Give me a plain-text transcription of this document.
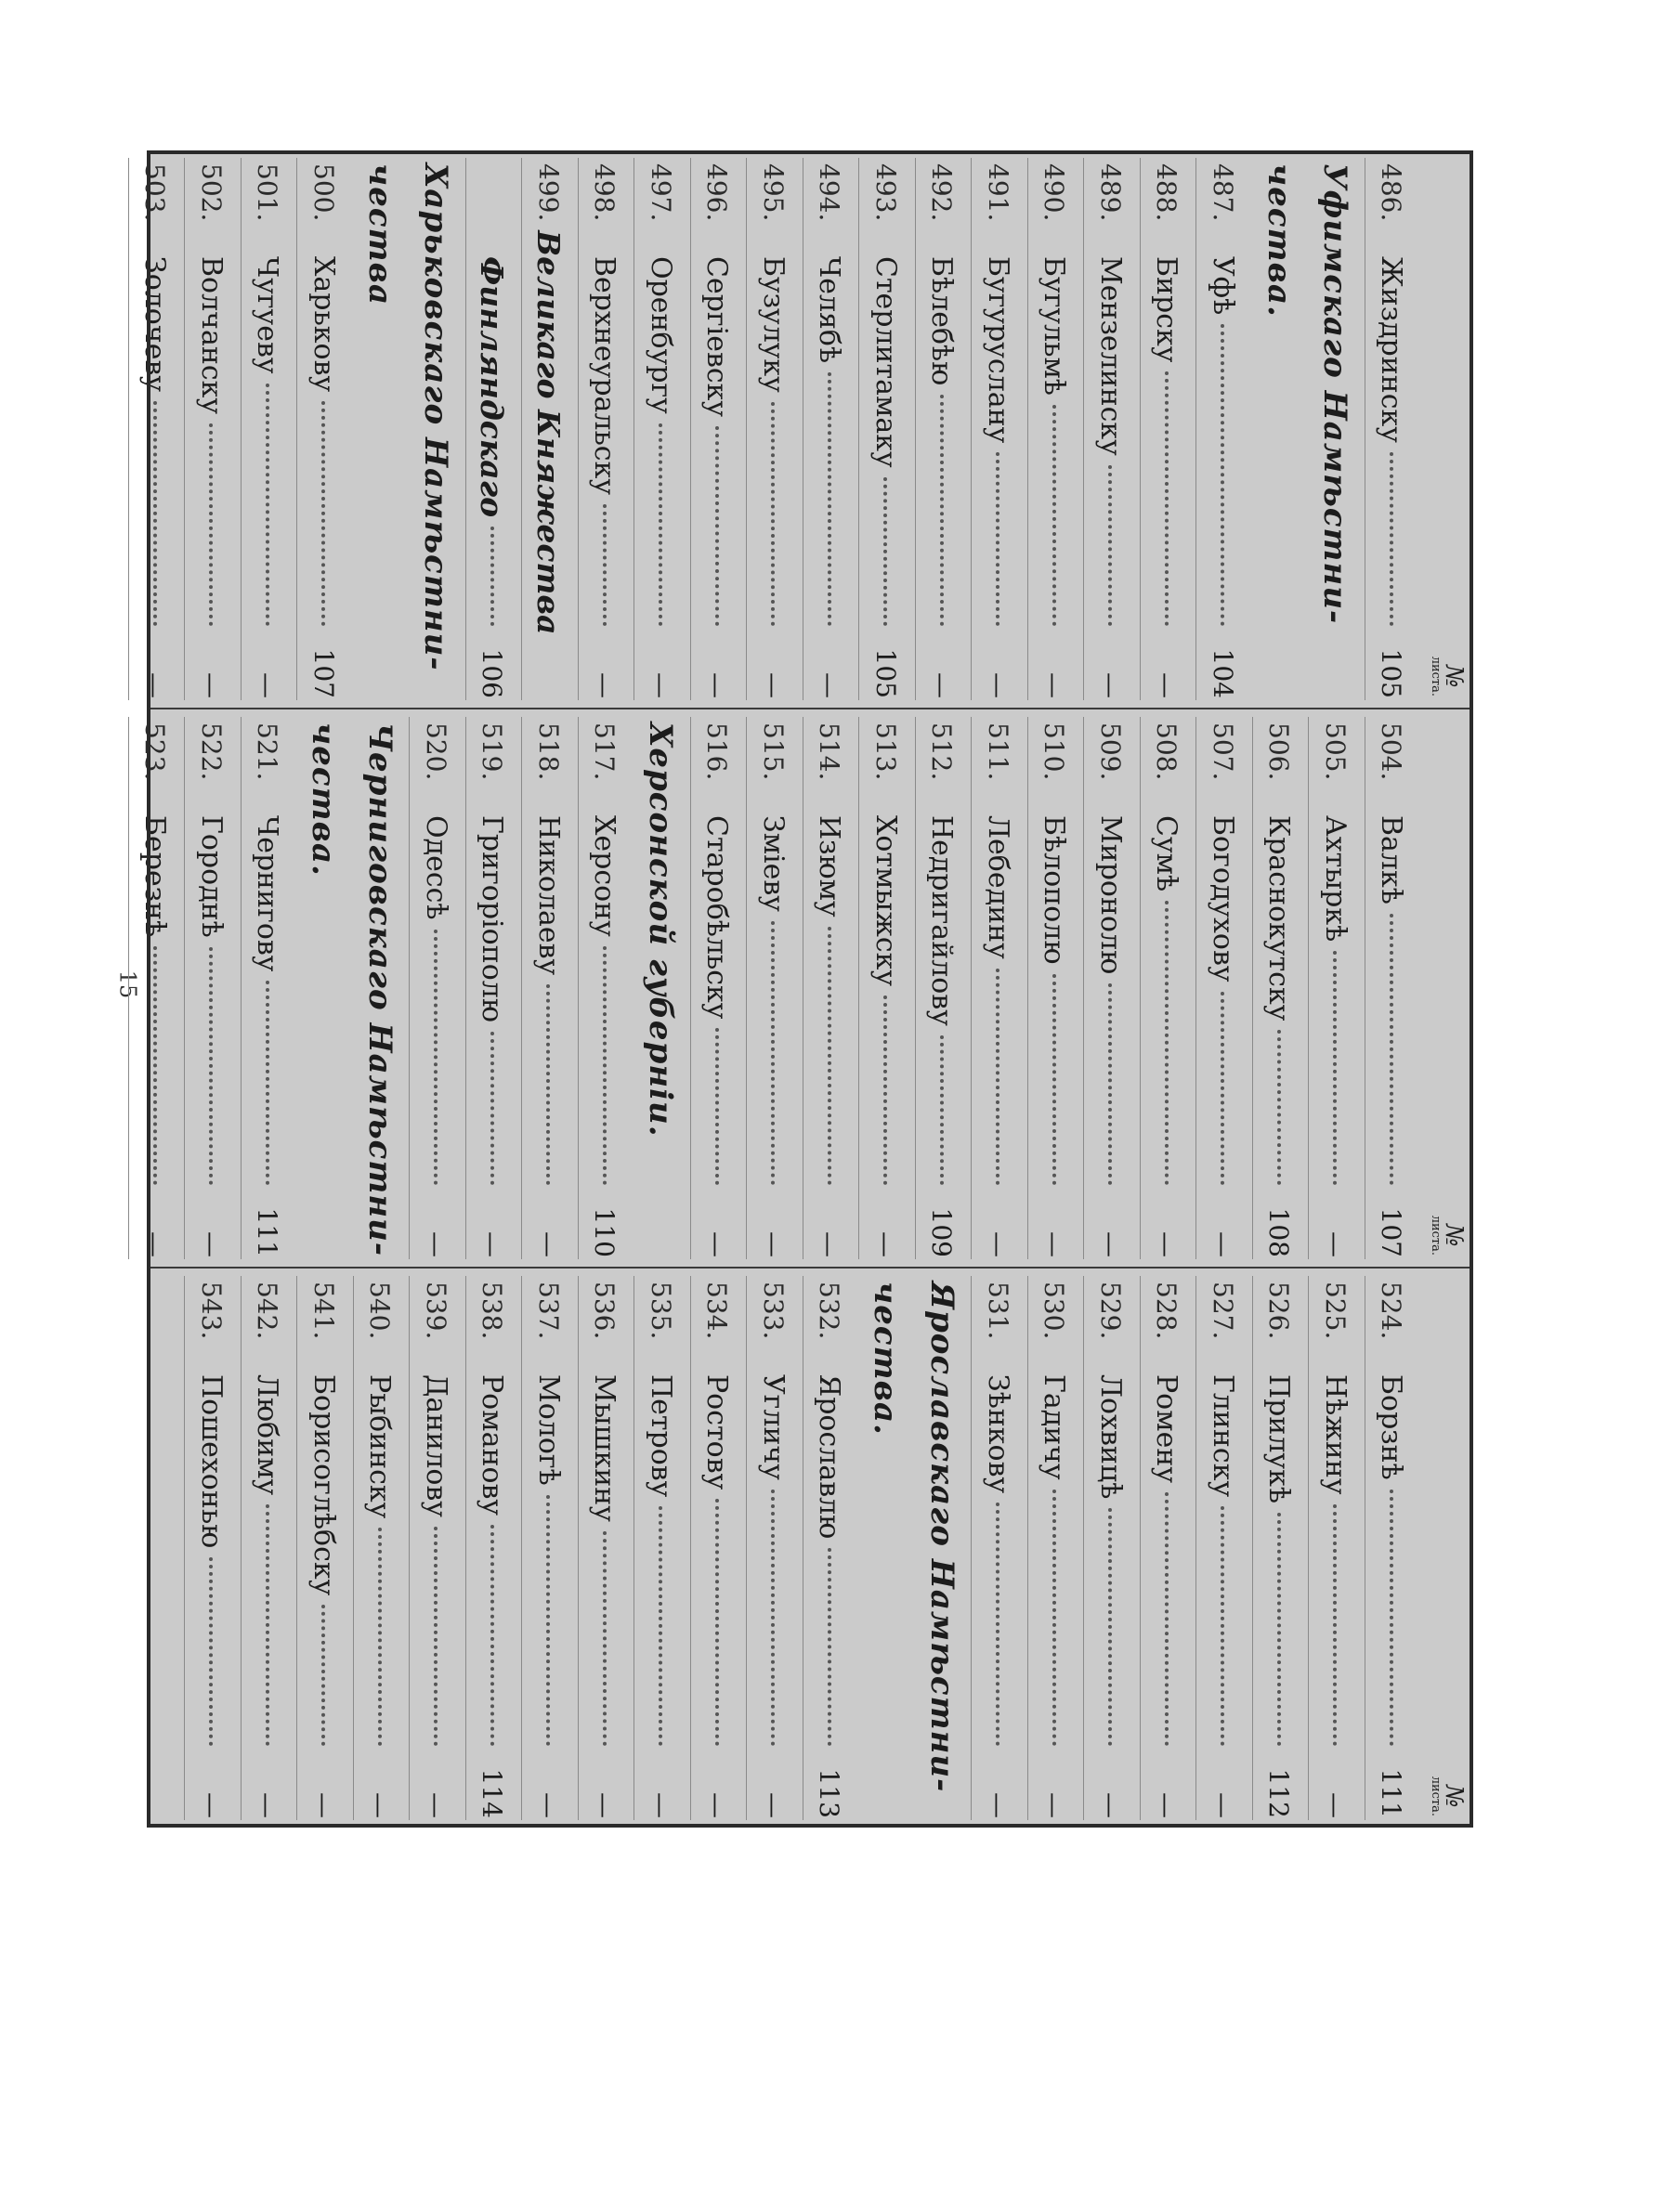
15
№
листа.
486.
Жиздринску
105
Уфимскаго Намѣстни-
чества.
487.
Уфѣ
104
488.
Бирску
—
489.
Мензелинску
—
490.
Бугульмѣ
—
491.
Бугуруслану
—
492.
Бѣлебѣю
—
493.
Стерлитамаку
105
494.
Челябѣ
—
495.
Бузулуку
—
496.
Сергіевску
—
497.
Оренбургу
—
498.
Верхнеуральску
—
499.
Великаго Княжества
Финляндскаго
106
Харьковскаго Намѣстни-
чества
500.
Харькову
107
501.
Чугуеву
—
502.
Волчанску
—
503.
Золочеву
—
№
листа.
504.
Валкѣ
107
505.
Ахтыркѣ
—
506.
Краснокутску
108
507.
Богодухову
—
508.
Сумѣ
—
509.
Миронолю
—
510.
Бѣлополю
—
511.
Лебедину
—
512.
Недригайлову
109
513.
Хотмыжску
—
514.
Изюму
—
515.
Зміеву
—
516.
Старобѣльску
—
Херсонской губерніи.
517.
Херсону
110
518.
Николаеву
—
519.
Григоріополю
—
520.
Одессѣ
—
Черниговскаго Намѣстни-
чества.
521.
Чернигову
111
522.
Городнѣ
—
523.
Березнѣ
—
№
листа.
524.
Борзнѣ
111
525.
Нѣжину
—
526.
Прилукѣ
112
527.
Глинску
—
528.
Ромену
—
529.
Лохвицѣ
—
530.
Гадичу
—
531.
Зѣнкову
—
Ярославскаго Намѣстни-
чества.
532.
Ярославлю
113
533.
Угличу
—
534.
Ростову
—
535.
Петрову
—
536.
Мышкину
—
537.
Мологѣ
—
538.
Романову
114
539.
Данилову
—
540.
Рыбинску
—
541.
Борисоглѣбску
—
542.
Любиму
—
543.
Пошехонью
—
